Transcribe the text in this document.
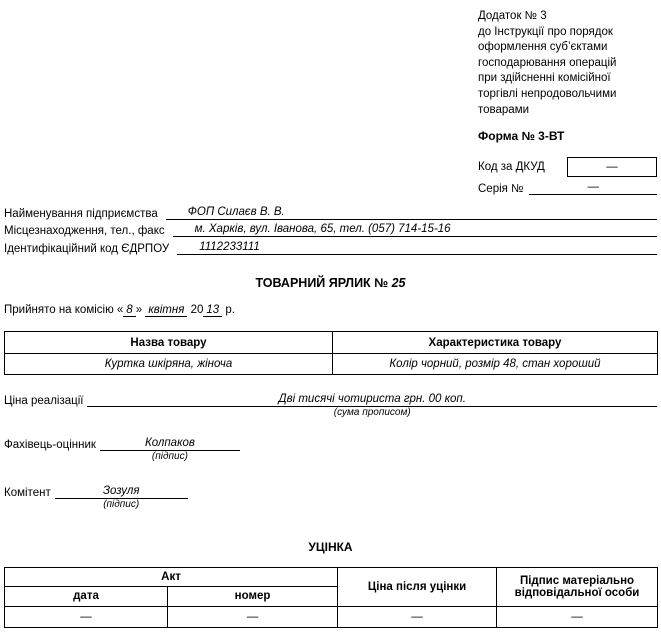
Додаток № 3
до Інструкції про порядок
оформлення суб’єктами
господарювання операцій
при здійсненні комісійної
торгівлі непродовольчими
товарами
Форма № 3-ВТ
Код за ДКУД	—
Серія №	—
Найменування підприємства	ФОП Силаєв В. В.
Місцезнаходження, тел., факс	м. Харків, вул. Іванова, 65, тел. (057) 714-15-16
Ідентифікаційний код ЄДРПОУ	1112233111
ТОВАРНИЙ ЯРЛИК № 25
Прийнято на комісію « 8 » квітня 20 13 р.
Назва товару	Характеристика товару
Куртка шкіряна, жіноча	Колір чорний, розмір 48, стан хороший
Ціна реалізації	Дві тисячі чотириста грн. 00 коп.
(сума прописом)
Фахівець-оцінник	Колпаков
(підпис)
Комітент	Зозуля
(підпис)
УЦІНКА
Акт		Ціна після уцінки	Підпис матеріально відповідальної особи
дата	номер		
—	—	—	—
